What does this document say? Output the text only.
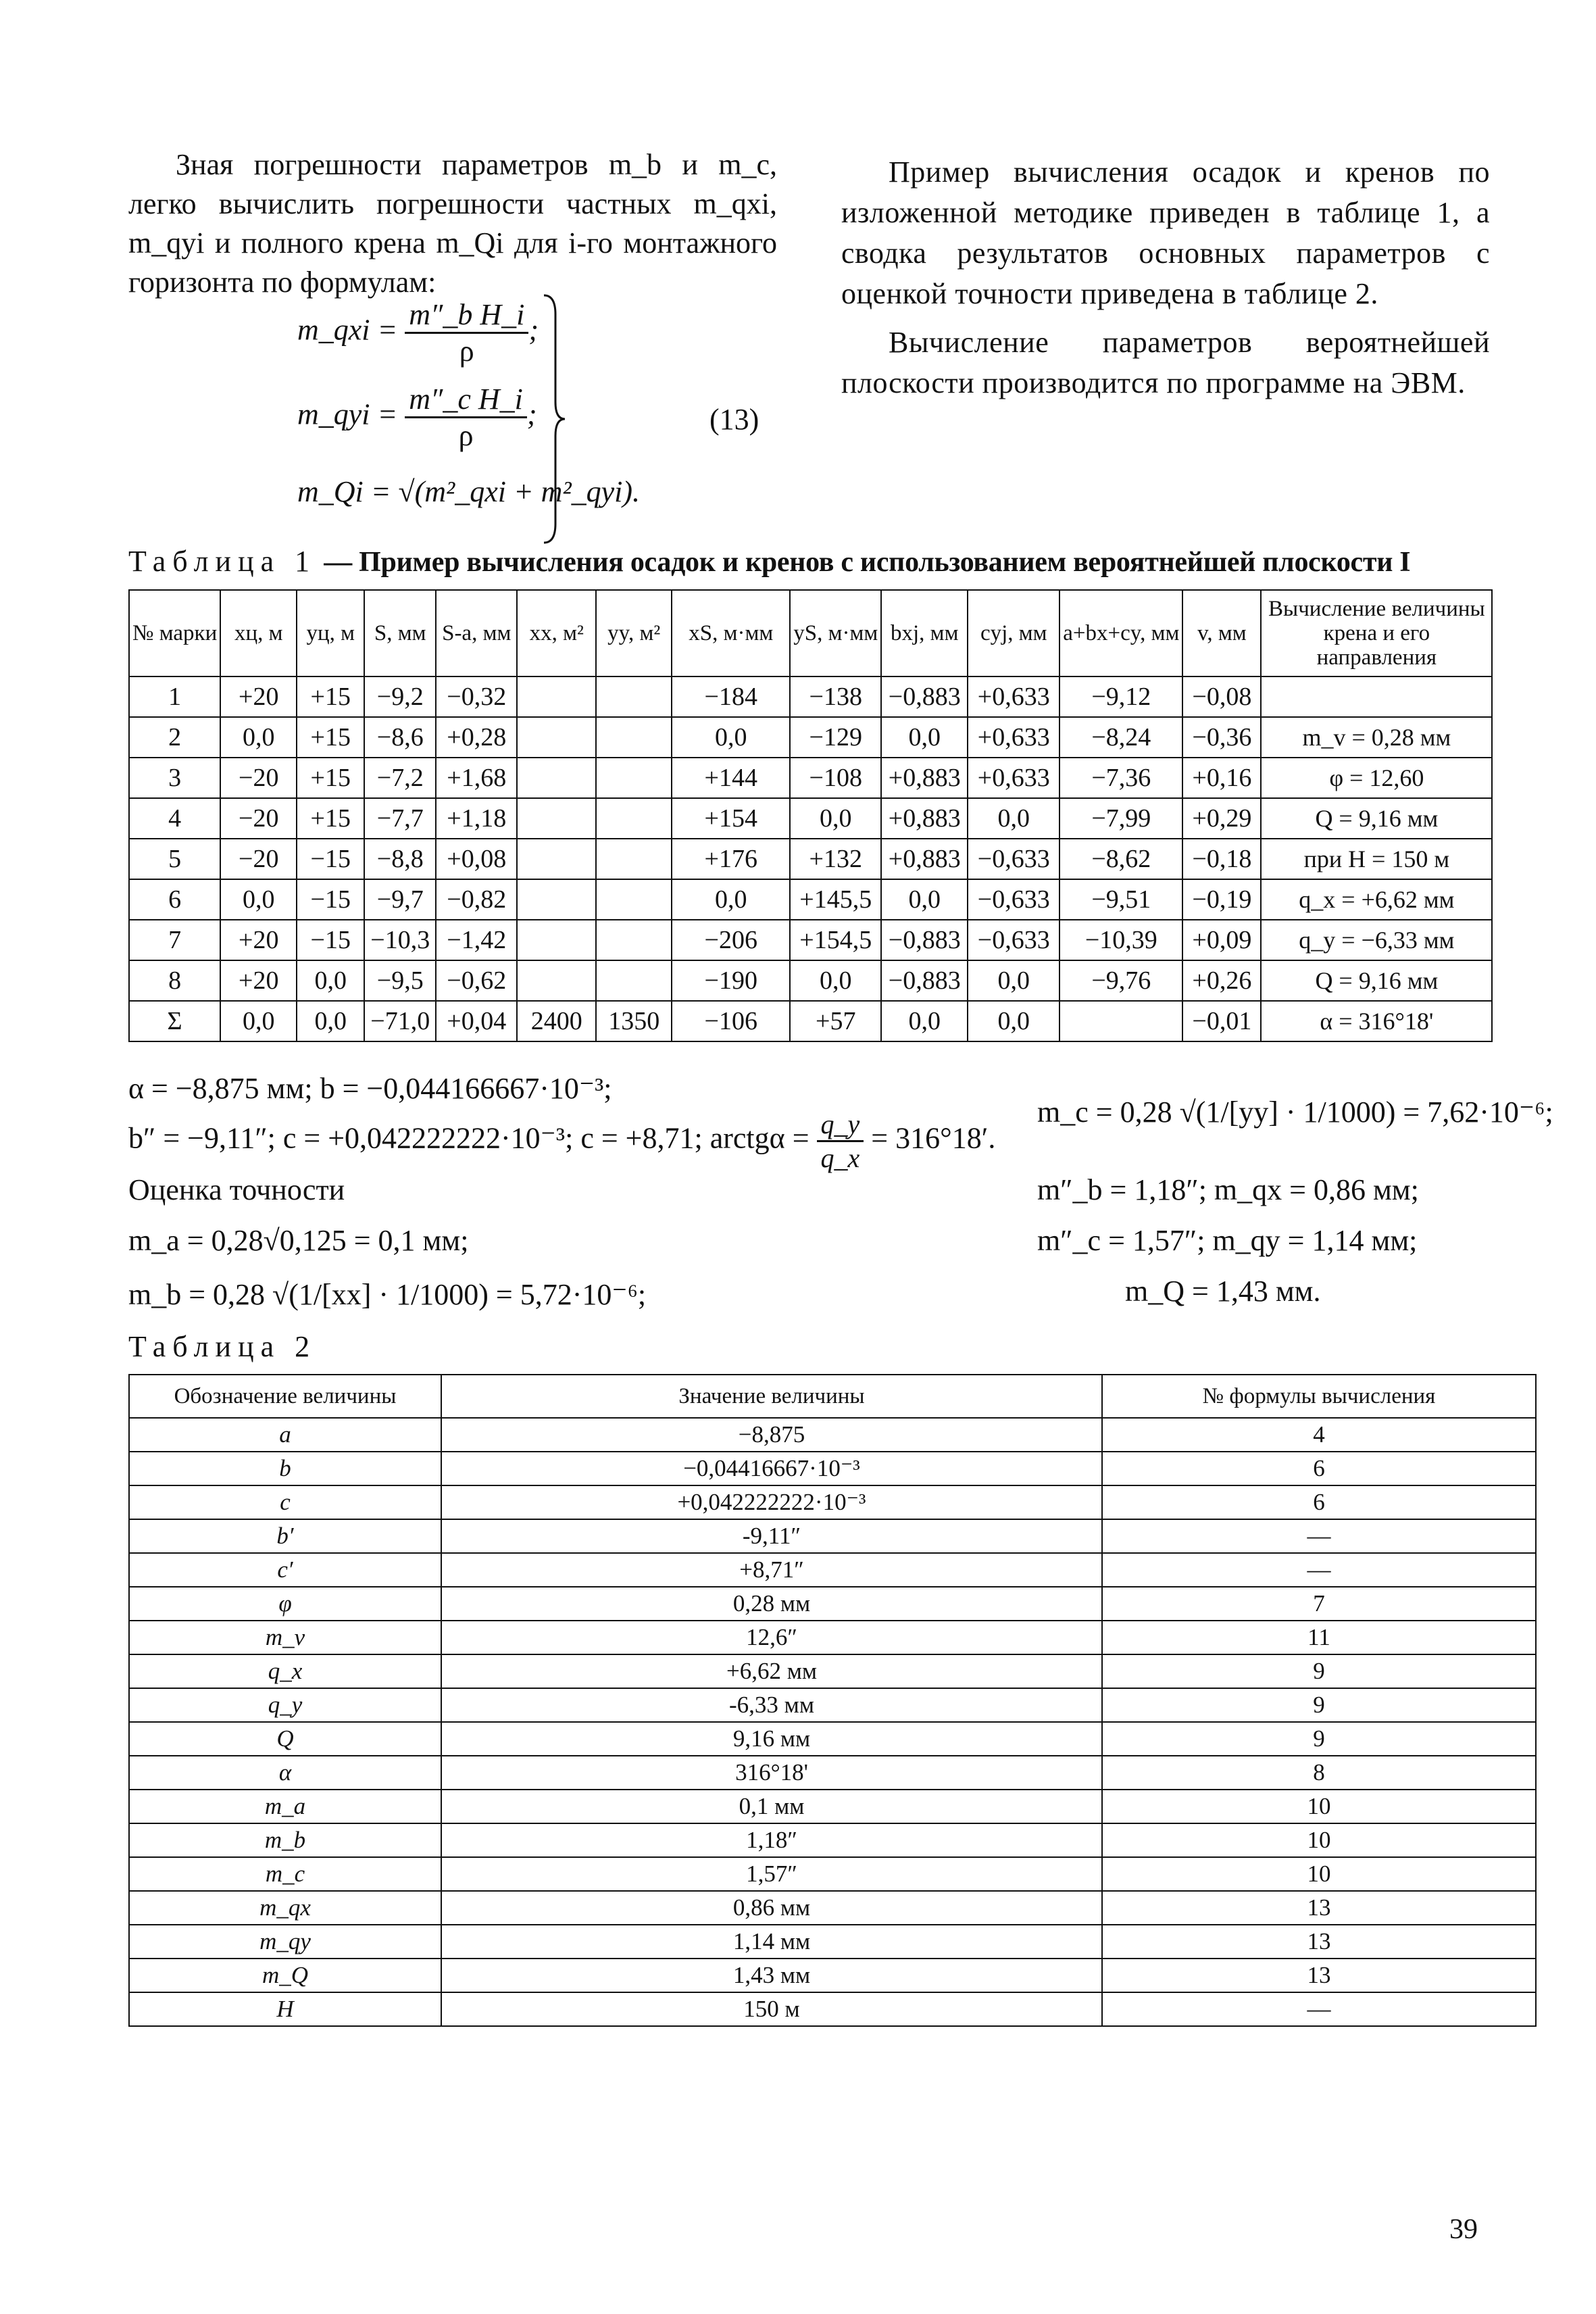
Зная погрешности параметров m_b и m_c, легко вычислить погрешности частных m_qxi, m_qyi и полного крена m_Qi для i-го монтажного горизонта по формулам:

m_qxi = $\frac{\text{m″\_b H\_i}}{\rho}$ ;
m_qyi = $\frac{\text{m″\_c H\_i}}{\rho}$ ;
m_Qi = √(m²_qxi + m²_qyi).
(13)

Пример вычисления осадок и кренов по изложенной методике приведен в таблице 1, а сводка результатов основных параметров с оценкой точности приведена в таблице 2.

Вычисление параметров вероятнейшей плоскости производится по программе на ЭВМ.

Таблица 1 — Пример вычисления осадок и кренов с использованием вероятнейшей плоскости I
№ марки	xц, м	yц, м	S, мм	S-a, мм	xx, м²	yy, м²	xS, м·мм	yS, м·мм	bxj, мм	cyj, мм	a+bx+cy, мм	v, мм	Вычисление величины крена и его направления
1	+20	+15	−9,2	−0,32			−184	−138	−0,883	+0,633	−9,12	−0,08	
2	0,0	+15	−8,6	+0,28			0,0	−129	0,0	+0,633	−8,24	−0,36	m_v = 0,28 мм
3	−20	+15	−7,2	+1,68			+144	−108	+0,883	+0,633	−7,36	+0,16	φ = 12,60
4	−20	+15	−7,7	+1,18			+154	0,0	+0,883	0,0	−7,99	+0,29	Q = 9,16 мм
5	−20	−15	−8,8	+0,08			+176	+132	+0,883	−0,633	−8,62	−0,18	при H = 150 м
6	0,0	−15	−9,7	−0,82			0,0	+145,5	0,0	−0,633	−9,51	−0,19	q_x = +6,62 мм
7	+20	−15	−10,3	−1,42			−206	+154,5	−0,883	−0,633	−10,39	+0,09	q_y = −6,33 мм
8	+20	0,0	−9,5	−0,62			−190	0,0	−0,883	0,0	−9,76	+0,26	Q = 9,16 мм
Σ	0,0	0,0	−71,0	+0,04	2400	1350	−106	+57	0,0	0,0		−0,01	α = 316°18'
α = −8,875 мм; b = −0,044166667·10⁻³;
b″ = −9,11″; c = +0,042222222·10⁻³; c = +8,71; arctgα = $\frac{q\_y}{q\_x} = 316^\circ 18'$.
Оценка точности
m_a = 0,28√0,125 = 0,1 мм;
m_b = 0,28 √(1/[xx] · 1/1000) = 5,72·10⁻⁶;
m_c = 0,28 √(1/[yy] · 1/1000) = 7,62·10⁻⁶;
m″_b = 1,18″; m_qx = 0,86 мм;
m″_c = 1,57″; m_qy = 1,14 мм;
m_Q = 1,43 мм.
Таблица 2
Обозначение величины	Значение величины	№ формулы вычисления
a	−8,875	4
b	−0,04416667·10⁻³	6
c	+0,042222222·10⁻³	6
b′	-9,11″	—
c′	+8,71″	—
φ	0,28 мм	7
m_v	12,6″	11
q_x	+6,62 мм	9
q_y	-6,33 мм	9
Q	9,16 мм	9
α	316°18'	8
m_a	0,1 мм	10
m_b	1,18″	10
m_c	1,57″	10
m_qx	0,86 мм	13
m_qy	1,14 мм	13
m_Q	1,43 мм	13
H	150 м	—
39
